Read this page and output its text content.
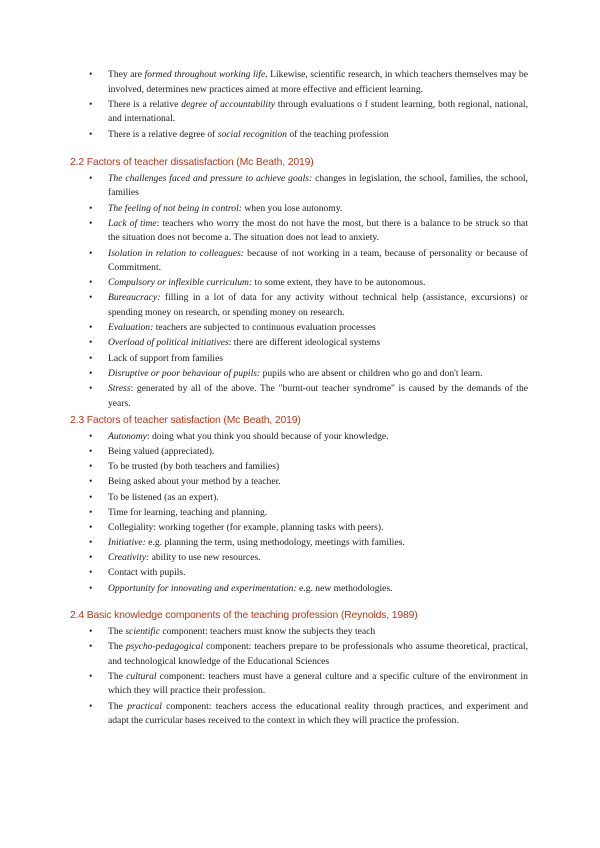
• They are formed throughout working life. Likewise, scientific research, in which teachers themselves may be involved, determines new practices aimed at more effective and efficient learning.
• There is a relative degree of accountability through evaluations o f student learning, both regional, national, and international.
• There is a relative degree of social recognition of the teaching profession
2.2 Factors of teacher dissatisfaction (Mc Beath, 2019)
• The challenges faced and pressure to achieve goals: changes in legislation, the school, families, the school, families
• The feeling of not being in control: when you lose autonomy.
• Lack of time: teachers who worry the most do not have the most, but there is a balance to be struck so that the situation does not become a. The situation does not lead to anxiety.
• Isolation in relation to colleagues: because of not working in a team, because of personality or because of Commitment.
• Compulsory or inflexible curriculum: to some extent, they have to be autonomous.
• Bureaucracy: filling in a lot of data for any activity without technical help (assistance, excursions) or spending money on research, or spending money on research.
• Evaluation: teachers are subjected to continuous evaluation processes
• Overload of political initiatives: there are different ideological systems
• Lack of support from families
• Disruptive or poor behaviour of pupils: pupils who are absent or children who go and don't learn.
• Stress: generated by all of the above. The "burnt-out teacher syndrome" is caused by the demands of the years.
2.3 Factors of teacher satisfaction (Mc Beath, 2019)
• Autonomy: doing what you think you should because of your knowledge.
• Being valued (appreciated).
• To be trusted (by both teachers and families)
• Being asked about your method by a teacher.
• To be listened (as an expert).
• Time for learning, teaching and planning.
• Collegiality: working together (for example, planning tasks with peers).
• Initiative: e.g. planning the term, using methodology, meetings with families.
• Creativity: ability to use new resources.
• Contact with pupils.
• Opportunity for innovating and experimentation: e.g. new methodologies.
2.4 Basic knowledge components of the teaching profession (Reynolds, 1989)
• The scientific component: teachers must know the subjects they teach
• The psycho-pedagogical component: teachers prepare to be professionals who assume theoretical, practical, and technological knowledge of the Educational Sciences
• The cultural component: teachers must have a general culture and a specific culture of the environment in which they will practice their profession.
• The practical component: teachers access the educational reality through practices, and experiment and adapt the curricular bases received to the context in which they will practice the profession.
